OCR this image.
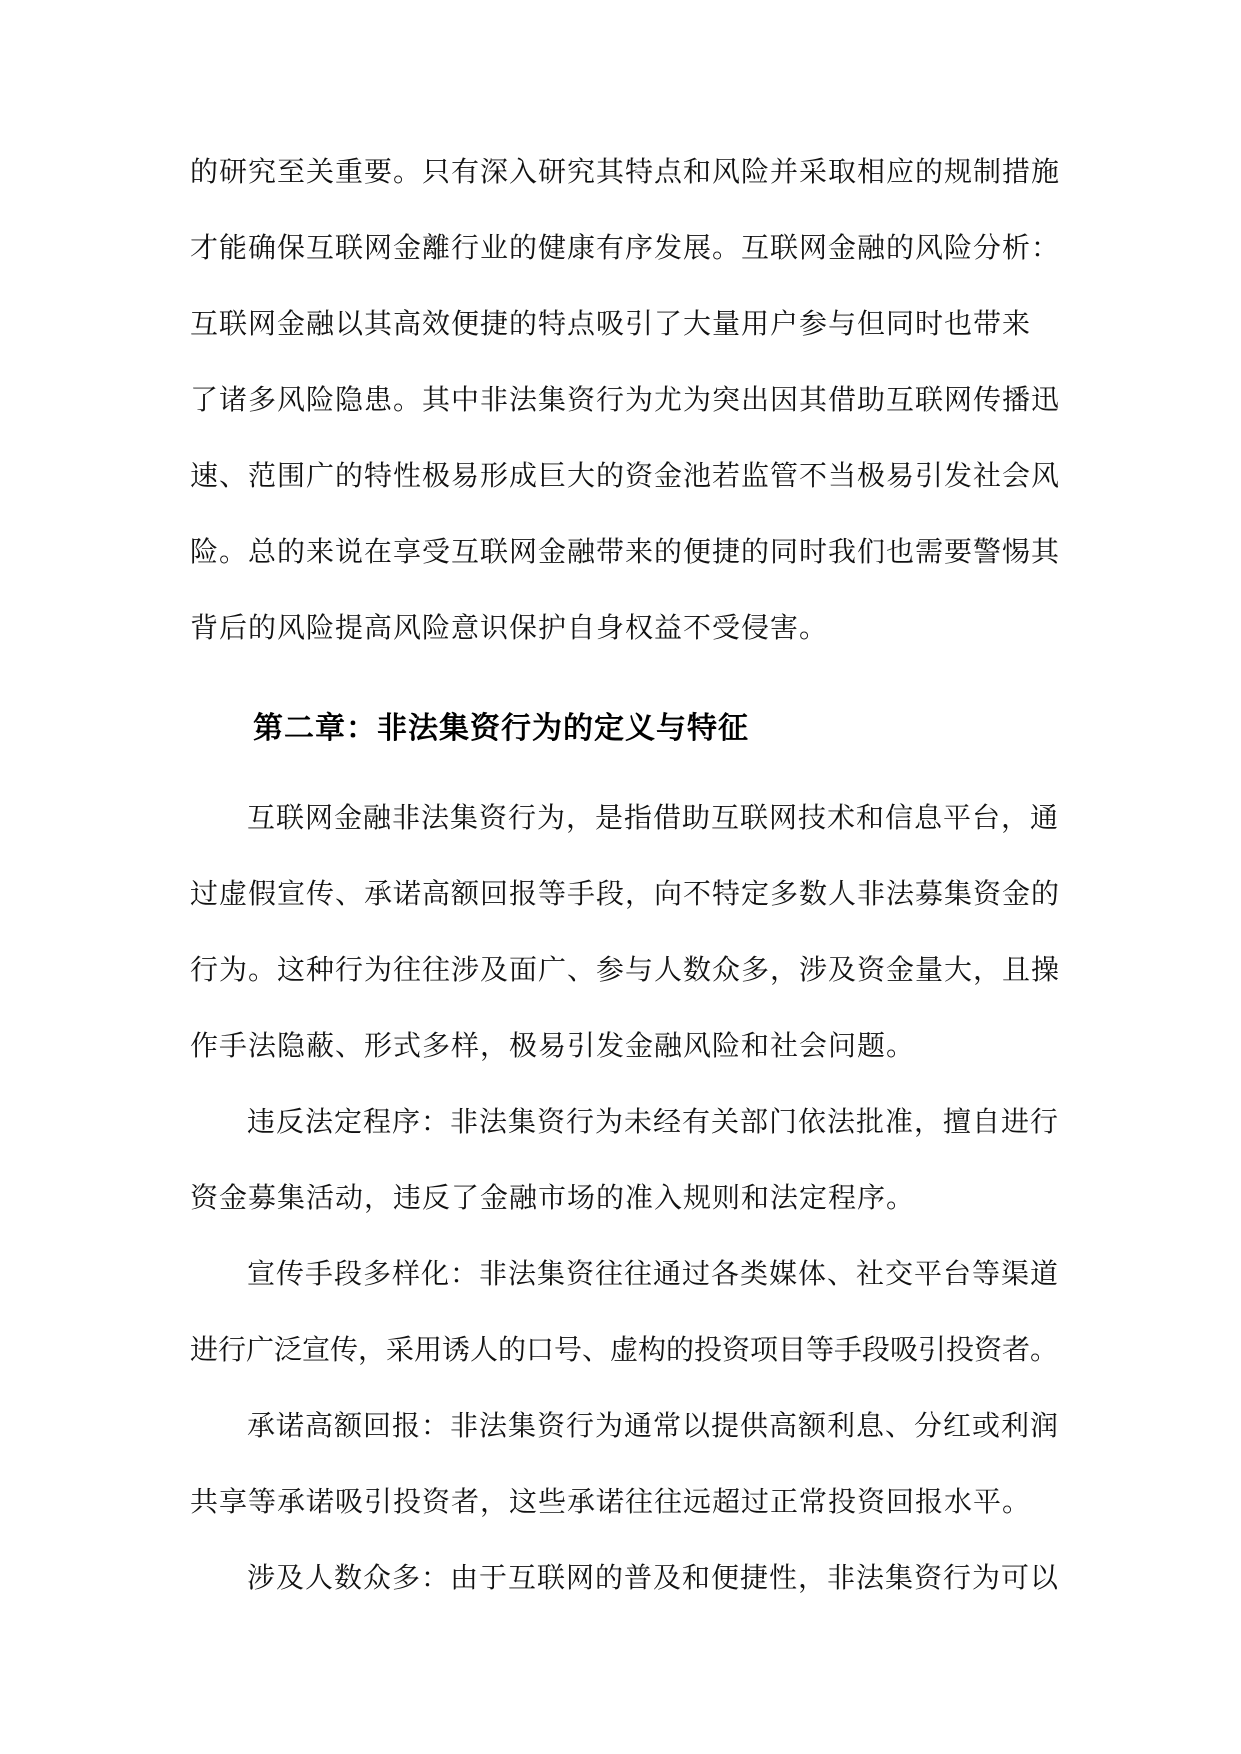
的研究至关重要。只有深入研究其特点和风险并采取相应的规制措施
才能确保互联网金離行业的健康有序发展。互联网金融的风险分析：
互联网金融以其高效便捷的特点吸引了大量用户参与但同时也带来
了诸多风险隐患。其中非法集资行为尤为突出因其借助互联网传播迅
速、范围广的特性极易形成巨大的资金池若监管不当极易引发社会风
险。总的来说在享受互联网金融带来的便捷的同时我们也需要警惕其
背后的风险提高风险意识保护自身权益不受侵害。
第二章：非法集资行为的定义与特征
互联网金融非法集资行为，是指借助互联网技术和信息平台，通
过虚假宣传、承诺高额回报等手段，向不特定多数人非法募集资金的
行为。这种行为往往涉及面广、参与人数众多，涉及资金量大，且操
作手法隐蔽、形式多样，极易引发金融风险和社会问题。
违反法定程序：非法集资行为未经有关部门依法批准，擅自进行
资金募集活动，违反了金融市场的准入规则和法定程序。
宣传手段多样化：非法集资往往通过各类媒体、社交平台等渠道
进行广泛宣传，采用诱人的口号、虚构的投资项目等手段吸引投资者。
承诺高额回报：非法集资行为通常以提供高额利息、分红或利润
共享等承诺吸引投资者，这些承诺往往远超过正常投资回报水平。
涉及人数众多：由于互联网的普及和便捷性，非法集资行为可以
